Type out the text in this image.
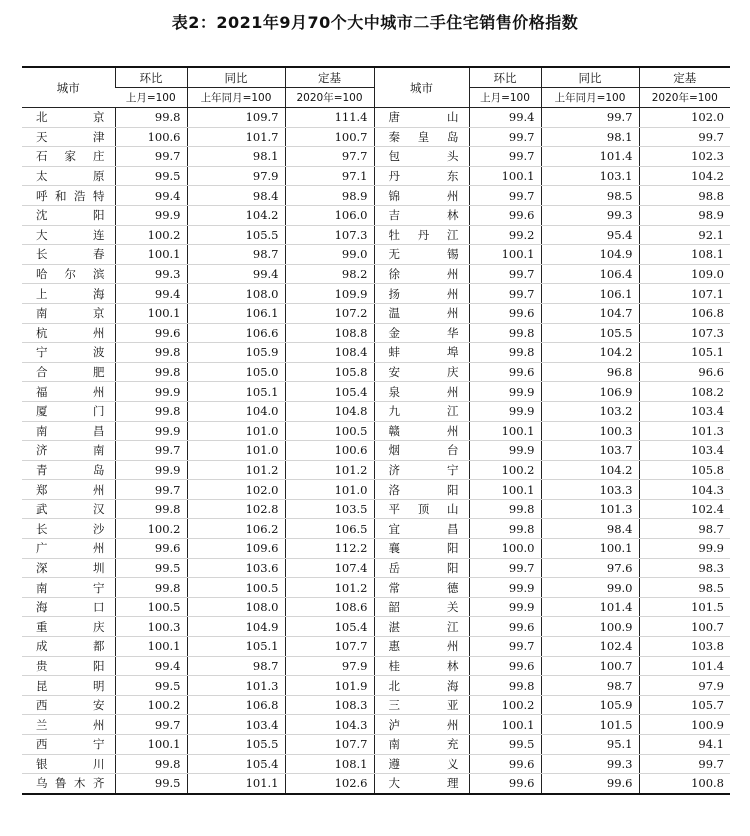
表2：2021年9月70个大中城市二手住宅销售价格指数
城市	环比	同比	定基	城市	环比	同比	定基
	上月=100	上年同月=100	2020年=100		上月=100	上年同月=100	2020年=100
北　京	99.8	109.7	111.4	唐　山	99.4	99.7	102.0
天　津	100.6	101.7	100.7	秦皇岛	99.7	98.1	99.7
石家庄	99.7	98.1	97.7	包　头	99.7	101.4	102.3
太　原	99.5	97.9	97.1	丹　东	100.1	103.1	104.2
呼和浩特	99.4	98.4	98.9	锦　州	99.7	98.5	98.8
沈　阳	99.9	104.2	106.0	吉　林	99.6	99.3	98.9
大　连	100.2	105.5	107.3	牡丹江	99.2	95.4	92.1
长　春	100.1	98.7	99.0	无　锡	100.1	104.9	108.1
哈尔滨	99.3	99.4	98.2	徐　州	99.7	106.4	109.0
上　海	99.4	108.0	109.9	扬　州	99.7	106.1	107.1
南　京	100.1	106.1	107.2	温　州	99.6	104.7	106.8
杭　州	99.6	106.6	108.8	金　华	99.8	105.5	107.3
宁　波	99.8	105.9	108.4	蚌　埠	99.8	104.2	105.1
合　肥	99.8	105.0	105.8	安　庆	99.6	96.8	96.6
福　州	99.9	105.1	105.4	泉　州	99.9	106.9	108.2
厦　门	99.8	104.0	104.8	九　江	99.9	103.2	103.4
南　昌	99.9	101.0	100.5	赣　州	100.1	100.3	101.3
济　南	99.7	101.0	100.6	烟　台	99.9	103.7	103.4
青　岛	99.9	101.2	101.2	济　宁	100.2	104.2	105.8
郑　州	99.7	102.0	101.0	洛　阳	100.1	103.3	104.3
武　汉	99.8	102.8	103.5	平顶山	99.8	101.3	102.4
长　沙	100.2	106.2	106.5	宜　昌	99.8	98.4	98.7
广　州	99.6	109.6	112.2	襄　阳	100.0	100.1	99.9
深　圳	99.5	103.6	107.4	岳　阳	99.7	97.6	98.3
南　宁	99.8	100.5	101.2	常　德	99.9	99.0	98.5
海　口	100.5	108.0	108.6	韶　关	99.9	101.4	101.5
重　庆	100.3	104.9	105.4	湛　江	99.6	100.9	100.7
成　都	100.1	105.1	107.7	惠　州	99.7	102.4	103.8
贵　阳	99.4	98.7	97.9	桂　林	99.6	100.7	101.4
昆　明	99.5	101.3	101.9	北　海	99.8	98.7	97.9
西　安	100.2	106.8	108.3	三　亚	100.2	105.9	105.7
兰　州	99.7	103.4	104.3	泸　州	100.1	101.5	100.9
西　宁	100.1	105.5	107.7	南　充	99.5	95.1	94.1
银　川	99.8	105.4	108.1	遵　义	99.6	99.3	99.7
乌鲁木齐	99.5	101.1	102.6	大　理	99.6	99.6	100.8
